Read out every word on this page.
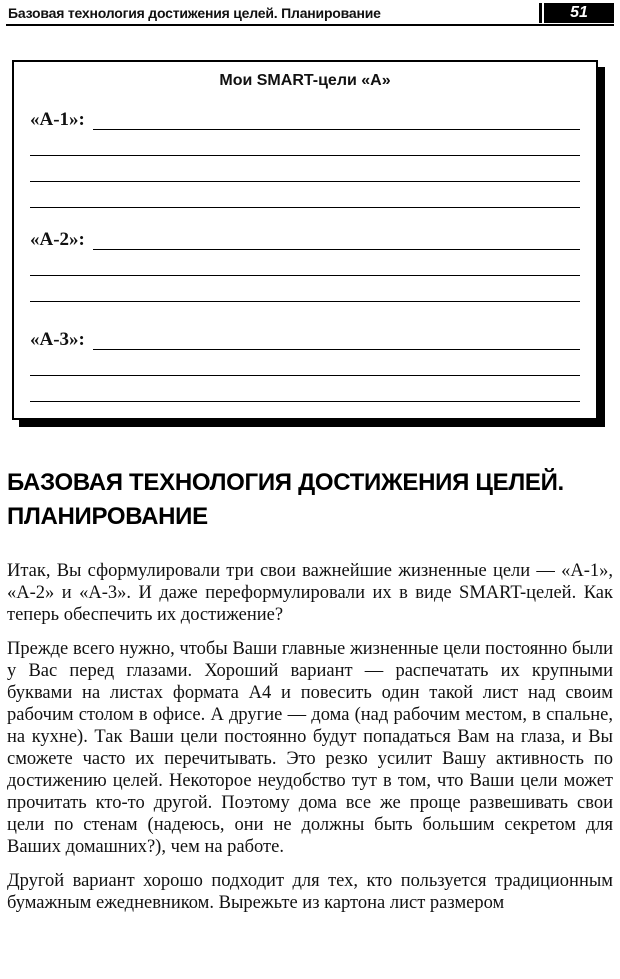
Базовая технология достижения целей. Планирование	51
Мои SMART-цели «А»
«А-1»:
«А-2»:
«А-3»:
БАЗОВАЯ ТЕХНОЛОГИЯ ДОСТИЖЕНИЯ ЦЕЛЕЙ.
ПЛАНИРОВАНИЕ

Итак, Вы сформулировали три свои важнейшие жизненные цели — «А-1», «А-2» и «А-3». И даже переформулировали их в виде SMART-целей. Как теперь обеспечить их достижение?

Прежде всего нужно, чтобы Ваши главные жизненные цели постоянно были у Вас перед глазами. Хороший вариант — распечатать их крупными буквами на листах формата А4 и повесить один такой лист над своим рабочим столом в офисе. А другие — дома (над рабочим местом, в спальне, на кухне). Так Ваши цели постоянно будут попадаться Вам на глаза, и Вы сможете часто их перечитывать. Это резко усилит Вашу активность по достижению целей. Некоторое неудобство тут в том, что Ваши цели может прочитать кто-то другой. Поэтому дома все же проще развешивать свои цели по стенам (надеюсь, они не должны быть большим секретом для Ваших домашних?), чем на работе.

Другой вариант хорошо подходит для тех, кто пользуется традиционным бумажным ежедневником. Вырежьте из картона лист размером
